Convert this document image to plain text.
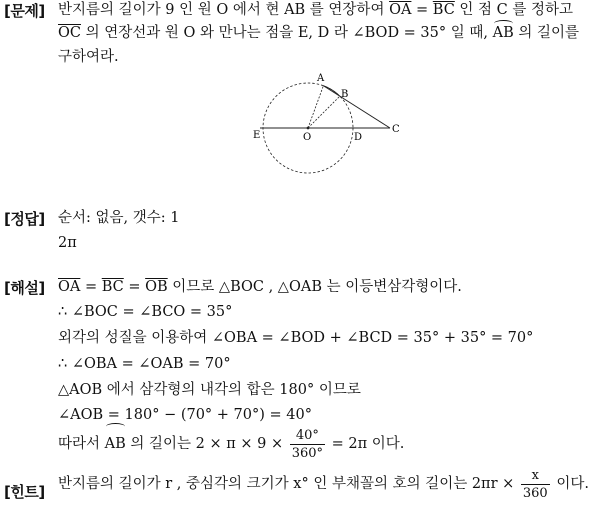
[문제] 반지름의 길이가 9 인 원 O 에서 현 AB 를 연장하여 $\overline{OA} = \overline{BC}$ 인 점 C 를 정하고
$\overline{OC}$ 의 연장선과 원 O 와 만나는 점을 E, D 라 ∠BOD = 35° 일 때, AB 의 길이를
구하여라.
A
B
C
D
E	O
[정답] 순서: 없음, 갯수: 1
2π
[해설] $\overline{OA} = \overline{BC} = \overline{OB}$ 이므로 △BOC , △OAB 는 이등변삼각형이다.
∴ ∠BOC = ∠BCO = 35°
외각의 성질을 이용하여 ∠OBA = ∠BOD + ∠BCD = 35° + 35° = 70°
∴ ∠OBA = ∠OAB = 70°
△AOB 에서 삼각형의 내각의 합은 180° 이므로
∠AOB = 180° − (70° + 70°) = 40°
따라서 AB 의 길이는 $2 \times \pi \times 9 \times \frac{40^\circ}{360^\circ} = 2\pi$ 이다.
[힌트] 반지름의 길이가 r , 중심각의 크기가 x° 인 부채꼴의 호의 길이는 $2\pi r \times \frac{x}{360}$ 이다.
